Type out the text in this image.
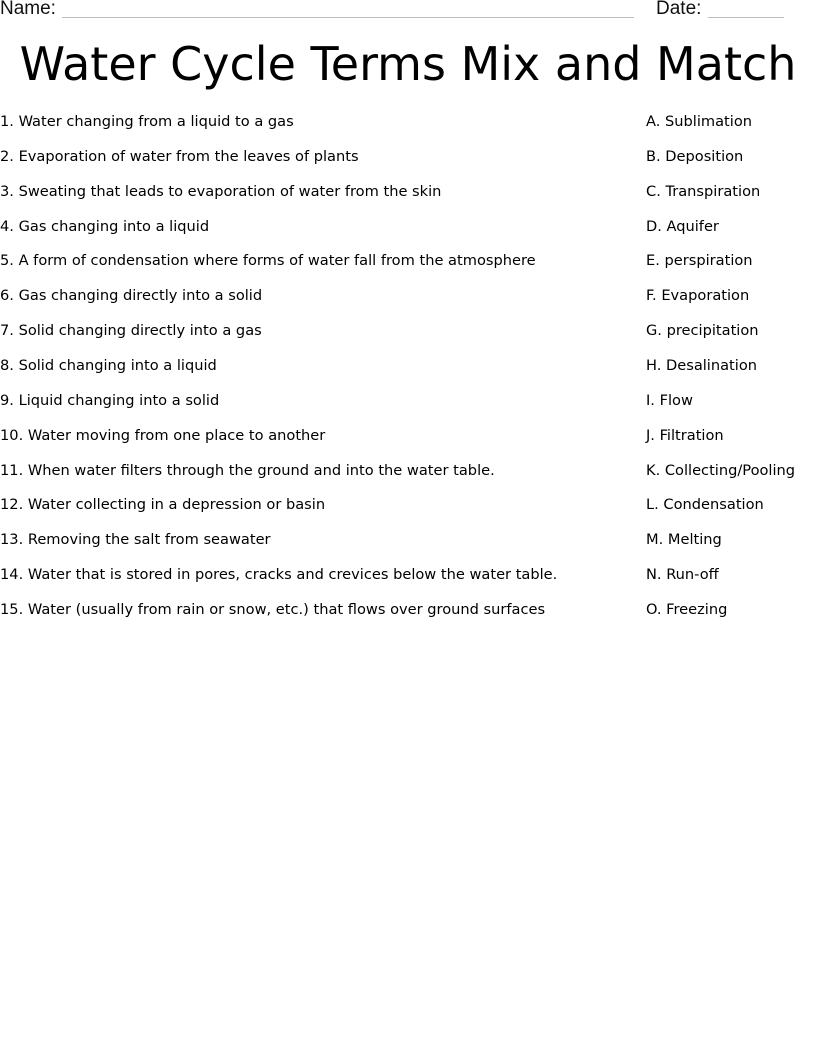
Name:	Date:
Water Cycle Terms Mix and Match
1. Water changing from a liquid to a gas
2. Evaporation of water from the leaves of plants
3. Sweating that leads to evaporation of water from the skin
4. Gas changing into a liquid
5. A form of condensation where forms of water fall from the atmosphere
6. Gas changing directly into a solid
7. Solid changing directly into a gas
8. Solid changing into a liquid
9. Liquid changing into a solid
10. Water moving from one place to another
11. When water filters through the ground and into the water table.
12. Water collecting in a depression or basin
13. Removing the salt from seawater
14. Water that is stored in pores, cracks and crevices below the water table.
15. Water (usually from rain or snow, etc.) that flows over ground surfaces
A. Sublimation
B. Deposition
C. Transpiration
D. Aquifer
E. perspiration
F. Evaporation
G. precipitation
H. Desalination
I. Flow
J. Filtration
K. Collecting/Pooling
L. Condensation
M. Melting
N. Run-off
O. Freezing
